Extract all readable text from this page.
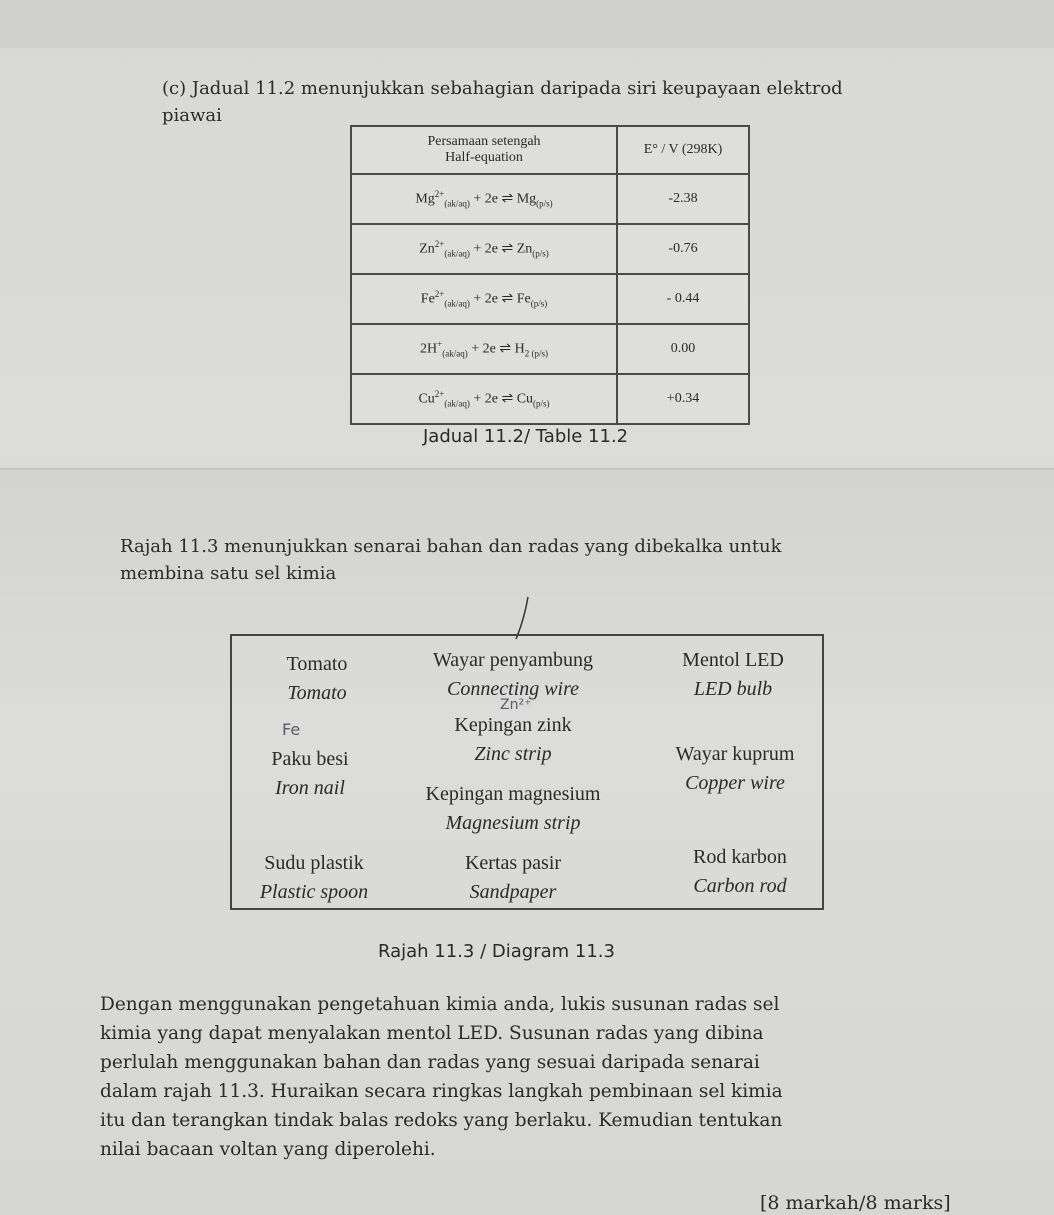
(c) Jadual 11.2 menunjukkan sebahagian daripada siri keupayaan elektrod
piawai
Persamaan setengah
Half-equation	E° / V (298K)
$Mg^{2+}_{(ak/aq)} + 2e$ ⇌ $Mg_{(p/s)}$	-2.38
$Zn^{2+}_{(ak/aq)} + 2e$ ⇌ $Zn_{(p/s)}$	-0.76
$Fe^{2+}_{(ak/aq)} + 2e$ ⇌ $Fe_{(p/s)}$	- 0.44
$2H^+_{(ak/aq)} + 2e$ ⇌ $H_{2 (p/s)}$	0.00
$Cu^{2+}_{(ak/aq)} + 2e$ ⇌ $Cu_{(p/s)}$	+0.34
Jadual 11.2/ Table 11.2
Rajah 11.3 menunjukkan senarai bahan dan radas yang dibekalka untuk
membina satu sel kimia
Tomato
Tomato
Wayar penyambung
Connecting wire
Mentol LED
LED bulb
Kepingan zink
Zinc strip
Paku besi
Iron nail
Wayar kuprum
Copper wire
Kepingan magnesium
Magnesium strip
Sudu plastik
Plastic spoon
Kertas pasir
Sandpaper
Rod karbon
Carbon rod
Zn²⁺
Fe
Rajah 11.3 / Diagram 11.3
Dengan menggunakan pengetahuan kimia anda, lukis susunan radas sel
kimia yang dapat menyalakan mentol LED. Susunan radas yang dibina
perlulah menggunakan bahan dan radas yang sesuai daripada senarai
dalam rajah 11.3. Huraikan secara ringkas langkah pembinaan sel kimia
itu dan terangkan tindak balas redoks yang berlaku. Kemudian tentukan
nilai bacaan voltan yang diperolehi.
[8 markah/8 marks]
